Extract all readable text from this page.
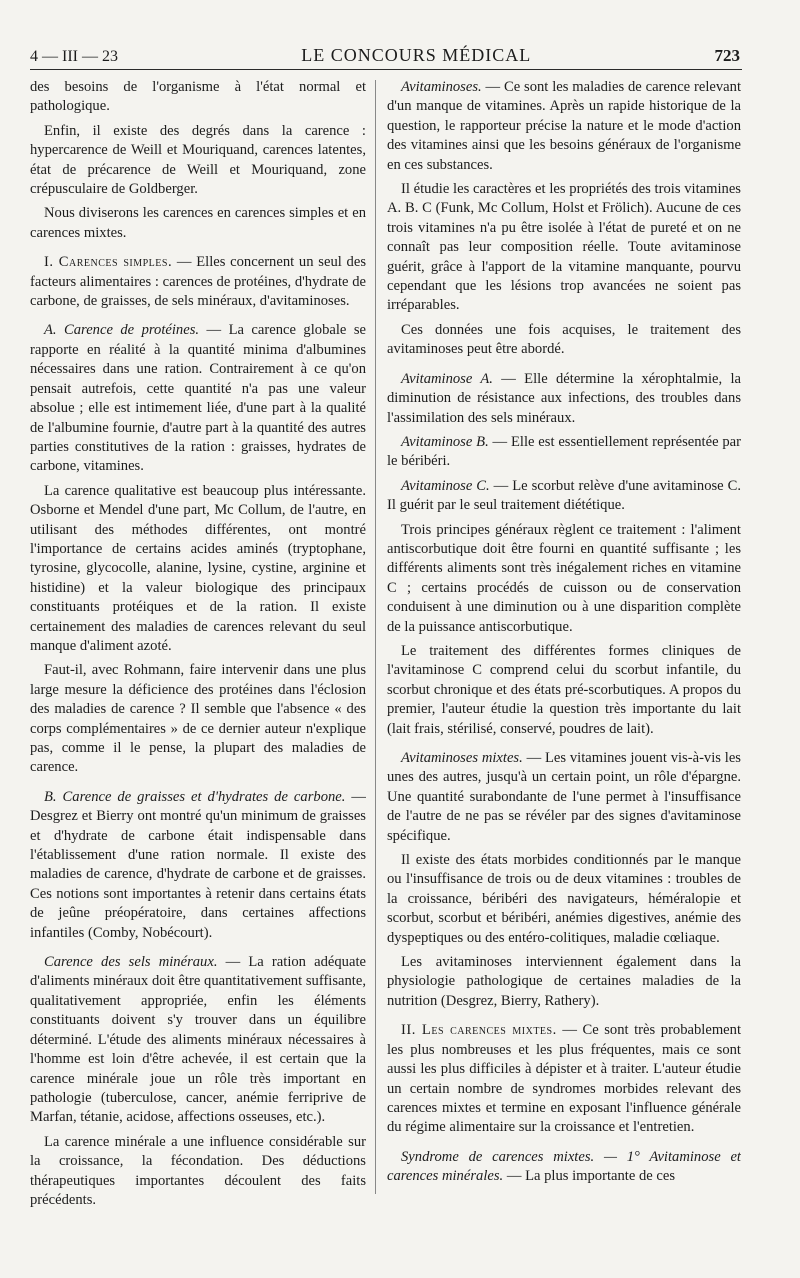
4 — III — 23	LE CONCOURS MÉDICAL	723

des besoins de l'organisme à l'état normal et pathologique.

Enfin, il existe des degrés dans la carence : hypercarence de Weill et Mouriquand, carences latentes, état de précarence de Weill et Mouriquand, zone crépusculaire de Goldberger.

Nous diviserons les carences en carences simples et en carences mixtes.

I. Carences simples. — Elles concernent un seul des facteurs alimentaires : carences de protéines, d'hydrate de carbone, de graisses, de sels minéraux, d'avitaminoses.

A. Carence de protéines. — La carence globale se rapporte en réalité à la quantité minima d'albumines nécessaires dans une ration. Contrairement à ce qu'on pensait autrefois, cette quantité n'a pas une valeur absolue ; elle est intimement liée, d'une part à la qualité de l'albumine fournie, d'autre part à la quantité des autres parties constitutives de la ration : graisses, hydrates de carbone, vitamines.

La carence qualitative est beaucoup plus intéressante. Osborne et Mendel d'une part, Mc Collum, de l'autre, en utilisant des méthodes différentes, ont montré l'importance de certains acides aminés (tryptophane, tyrosine, glycocolle, alanine, lysine, cystine, arginine et histidine) et la valeur biologique des principaux constituants protéiques et de la ration. Il existe certainement des maladies de carences relevant du seul manque d'aliment azoté.

Faut-il, avec Rohmann, faire intervenir dans une plus large mesure la déficience des protéines dans l'éclosion des maladies de carence ? Il semble que l'absence « des corps complémentaires » de ce dernier auteur n'explique pas, comme il le pense, la plupart des maladies de carence.

B. Carence de graisses et d'hydrates de carbone. — Desgrez et Bierry ont montré qu'un minimum de graisses et d'hydrate de carbone était indispensable dans l'établissement d'une ration normale. Il existe des maladies de carence, d'hydrate de carbone et de graisses. Ces notions sont importantes à retenir dans certains états de jeûne préopératoire, dans certaines affections infantiles (Comby, Nobécourt).

Carence des sels minéraux. — La ration adéquate d'aliments minéraux doit être quantitativement suffisante, qualitativement appropriée, enfin les éléments constituants doivent s'y trouver dans un équilibre déterminé. L'étude des aliments minéraux nécessaires à l'homme est loin d'être achevée, il est certain que la carence minérale joue un rôle très important en pathologie (tuberculose, cancer, anémie ferriprive de Marfan, tétanie, acidose, affections osseuses, etc.).

La carence minérale a une influence considérable sur la croissance, la fécondation. Des déductions thérapeutiques importantes découlent des faits précédents.

Avitaminoses. — Ce sont les maladies de carence relevant d'un manque de vitamines. Après un rapide historique de la question, le rapporteur précise la nature et le mode d'action des vitamines ainsi que les besoins généraux de l'organisme en ces substances.

Il étudie les caractères et les propriétés des trois vitamines A. B. C (Funk, Mc Collum, Holst et Frölich). Aucune de ces trois vitamines n'a pu être isolée à l'état de pureté et on ne connaît pas leur composition réelle. Toute avitaminose guérit, grâce à l'apport de la vitamine manquante, pourvu cependant que les lésions trop avancées ne soient pas irréparables.

Ces données une fois acquises, le traitement des avitaminoses peut être abordé.

Avitaminose A. — Elle détermine la xérophtalmie, la diminution de résistance aux infections, des troubles dans l'assimilation des sels minéraux.

Avitaminose B. — Elle est essentiellement représentée par le béribéri.

Avitaminose C. — Le scorbut relève d'une avitaminose C. Il guérit par le seul traitement diététique.

Trois principes généraux règlent ce traitement : l'aliment antiscorbutique doit être fourni en quantité suffisante ; les différents aliments sont très inégalement riches en vitamine C ; certains procédés de cuisson ou de conservation conduisent à une diminution ou à une disparition complète de la puissance antiscorbutique.

Le traitement des différentes formes cliniques de l'avitaminose C comprend celui du scorbut infantile, du scorbut chronique et des états pré-scorbutiques. A propos du premier, l'auteur étudie la question très importante du lait (lait frais, stérilisé, conservé, poudres de lait).

Avitaminoses mixtes. — Les vitamines jouent vis-à-vis les unes des autres, jusqu'à un certain point, un rôle d'épargne. Une quantité surabondante de l'une permet à l'insuffisance de l'autre de ne pas se révéler par des signes d'avitaminose spécifique.

Il existe des états morbides conditionnés par le manque ou l'insuffisance de trois ou de deux vitamines : troubles de la croissance, béribéri des navigateurs, héméralopie et scorbut, scorbut et béribéri, anémies digestives, anémie des dyspeptiques ou des entéro-colitiques, maladie cœliaque.

Les avitaminoses interviennent également dans la physiologie pathologique de certaines maladies de la nutrition (Desgrez, Bierry, Rathery).

II. Les carences mixtes. — Ce sont très probablement les plus nombreuses et les plus fréquentes, mais ce sont aussi les plus difficiles à dépister et à traiter. L'auteur étudie un certain nombre de syndromes morbides relevant des carences mixtes et termine en exposant l'influence générale du régime alimentaire sur la croissance et l'entretien.

Syndrome de carences mixtes. — 1° Avitaminose et carences minérales. — La plus importante de ces
